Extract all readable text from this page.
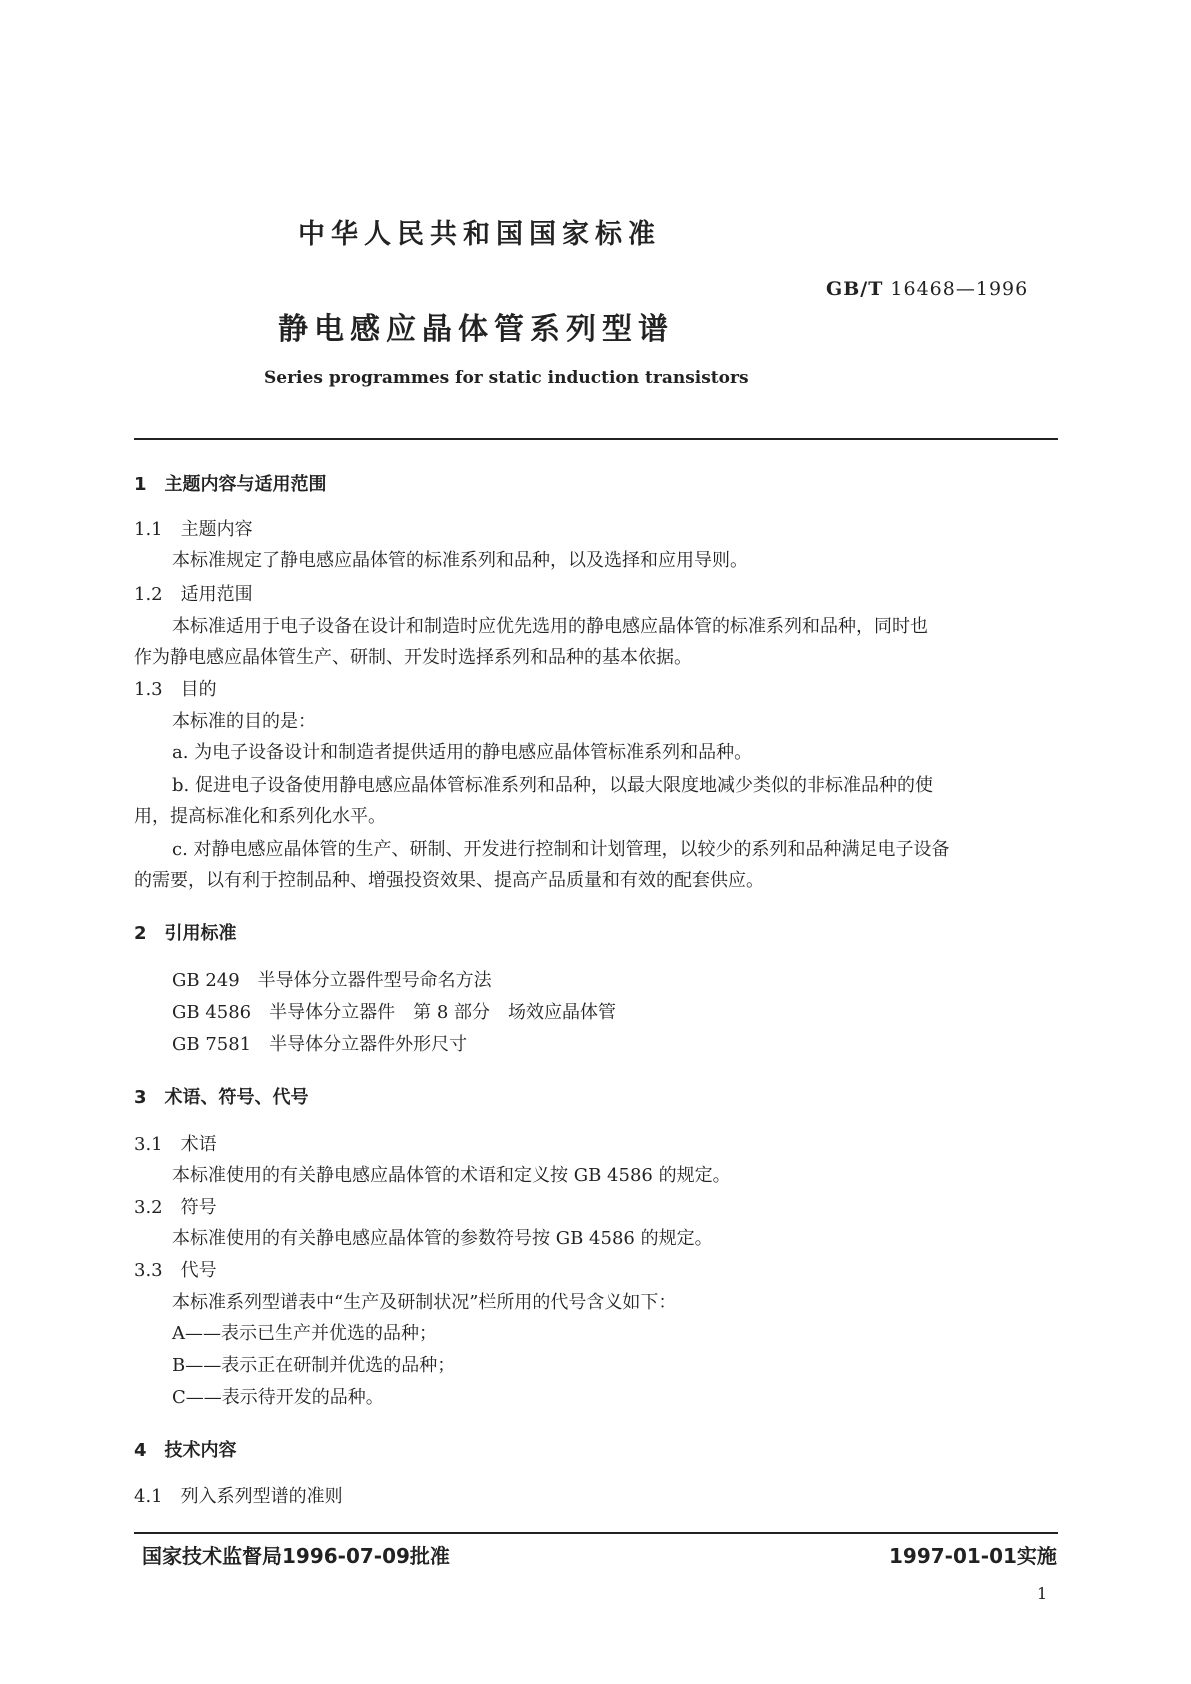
中华人民共和国国家标准
GB/T 16468—1996
静电感应晶体管系列型谱
Series programmes for static induction transistors
1　主题内容与适用范围
1.1　主题内容
本标准规定了静电感应晶体管的标准系列和品种，以及选择和应用导则。
1.2　适用范围
本标准适用于电子设备在设计和制造时应优先选用的静电感应晶体管的标准系列和品种，同时也
作为静电感应晶体管生产、研制、开发时选择系列和品种的基本依据。
1.3　目的
本标准的目的是：
a. 为电子设备设计和制造者提供适用的静电感应晶体管标准系列和品种。
b. 促进电子设备使用静电感应晶体管标准系列和品种，以最大限度地减少类似的非标准品种的使
用，提高标准化和系列化水平。
c. 对静电感应晶体管的生产、研制、开发进行控制和计划管理，以较少的系列和品种满足电子设备
的需要，以有利于控制品种、增强投资效果、提高产品质量和有效的配套供应。
2　引用标准
GB 249　半导体分立器件型号命名方法
GB 4586　半导体分立器件　第 8 部分　场效应晶体管
GB 7581　半导体分立器件外形尺寸
3　术语、符号、代号
3.1　术语
本标准使用的有关静电感应晶体管的术语和定义按 GB 4586 的规定。
3.2　符号
本标准使用的有关静电感应晶体管的参数符号按 GB 4586 的规定。
3.3　代号
本标准系列型谱表中“生产及研制状况”栏所用的代号含义如下：
A——表示已生产并优选的品种；
B——表示正在研制并优选的品种；
C——表示待开发的品种。
4　技术内容
4.1　列入系列型谱的准则
国家技术监督局1996-07-09批准	1997-01-01实施
1
